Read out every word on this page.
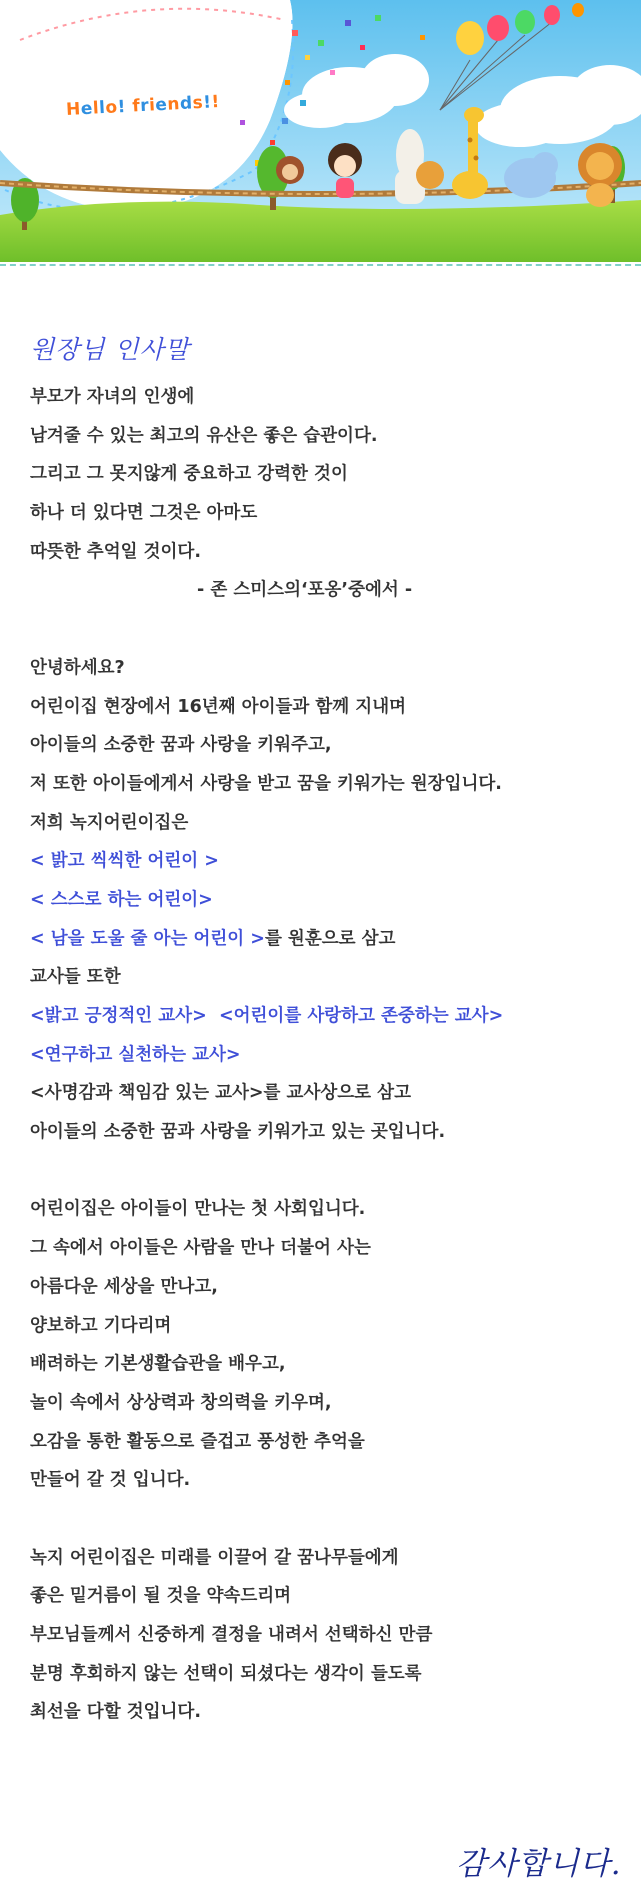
Hello! friends!!
원장님 인사말
부모가 자녀의 인생에
남겨줄 수 있는 최고의 유산은 좋은 습관이다.
그리고 그 못지않게 중요하고 강력한 것이
하나 더 있다면 그것은 아마도
따뜻한 추억일 것이다.
- 존 스미스의‘포옹’중에서 -
안녕하세요?
어린이집 현장에서 16년째 아이들과 함께 지내며
아이들의 소중한 꿈과 사랑을 키워주고,
저 또한 아이들에게서 사랑을 받고 꿈을 키워가는 원장입니다.
저희 녹지어린이집은
< 밝고 씩씩한 어린이 >
< 스스로 하는 어린이>
< 남을 도울 줄 아는 어린이 >를 원훈으로 삼고
교사들 또한
<밝고 긍정적인 교사> <어린이를 사랑하고 존중하는 교사>
<연구하고 실천하는 교사>
<사명감과 책임감 있는 교사>를 교사상으로 삼고
아이들의 소중한 꿈과 사랑을 키워가고 있는 곳입니다.
어린이집은 아이들이 만나는 첫 사회입니다.
그 속에서 아이들은 사람을 만나 더불어 사는
아름다운 세상을 만나고,
양보하고 기다리며
배려하는 기본생활습관을 배우고,
놀이 속에서 상상력과 창의력을 키우며,
오감을 통한 활동으로 즐겁고 풍성한 추억을
만들어 갈 것 입니다.
녹지 어린이집은 미래를 이끌어 갈 꿈나무들에게
좋은 밑거름이 될 것을 약속드리며
부모님들께서 신중하게 결정을 내려서 선택하신 만큼
분명 후회하지 않는 선택이 되셨다는 생각이 들도록
최선을 다할 것입니다.
감사합니다.
